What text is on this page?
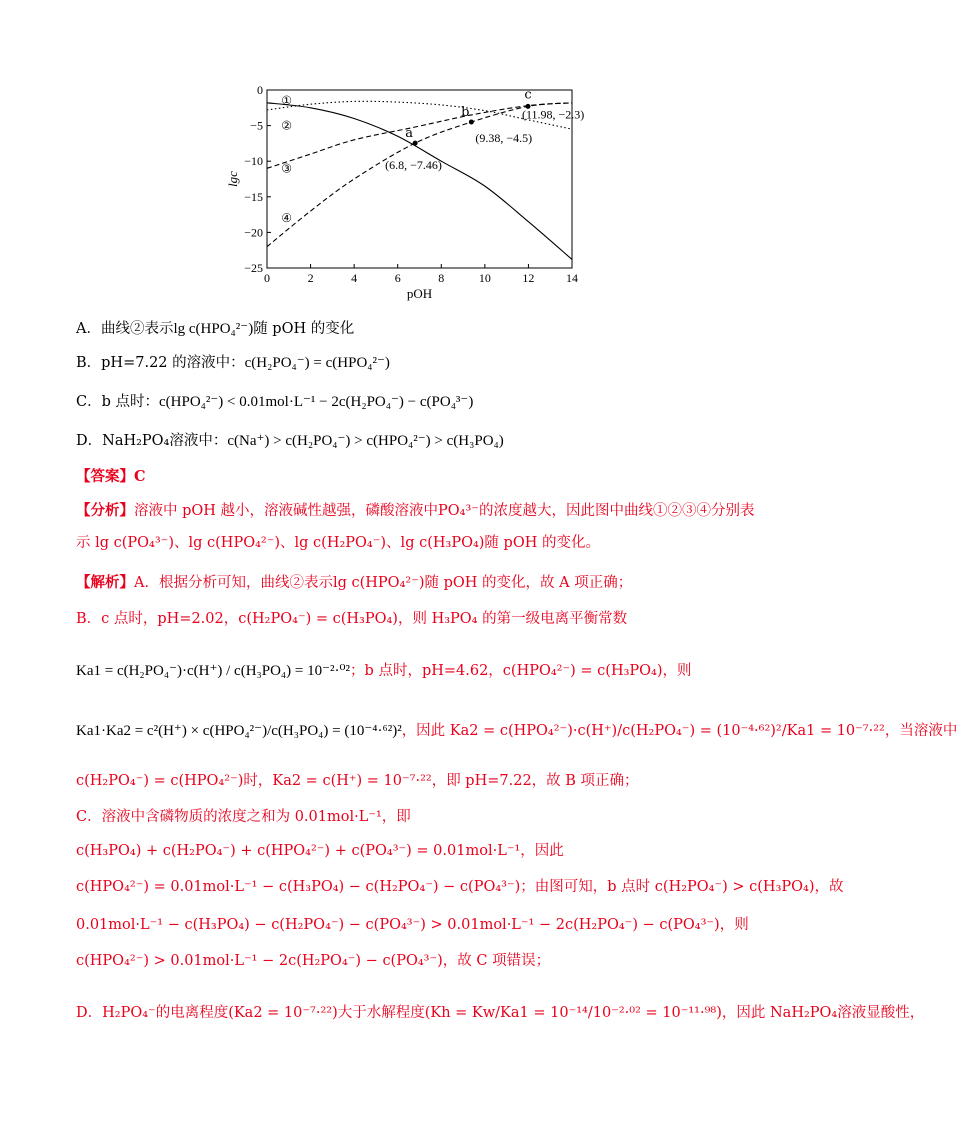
0	2	4	6	8	10	12	14
0
−5
−10
−15
−20
−25
pOH
lgc
①
②
③
④
a
(6.8, −7.46)
b
(9.38, −4.5)
c
(11.98, −2.3)
A．曲线②表示lg c(HPO₄²⁻)随 pOH 的变化
B．pH=7.22 的溶液中：c(H₂PO₄⁻) = c(HPO₄²⁻)
C．b 点时：c(HPO₄²⁻) < 0.01mol·L⁻¹ − 2c(H₂PO₄⁻) − c(PO₄³⁻)
D．NaH₂PO₄溶液中：c(Na⁺) > c(H₂PO₄⁻) > c(HPO₄²⁻) > c(H₃PO₄)
【答案】C
【分析】溶液中 pOH 越小，溶液碱性越强，磷酸溶液中PO₄³⁻的浓度越大，因此图中曲线①②③④分别表
示 lg c(PO₄³⁻)、lg c(HPO₄²⁻)、lg c(H₂PO₄⁻)、lg c(H₃PO₄)随 pOH 的变化。
【解析】A．根据分析可知，曲线②表示lg c(HPO₄²⁻)随 pOH 的变化，故 A 项正确；
B．c 点时，pH=2.02，c(H₂PO₄⁻) = c(H₃PO₄)，则 H₃PO₄ 的第一级电离平衡常数
Ka1 = c(H₂PO₄⁻)·c(H⁺) / c(H₃PO₄) = 10⁻²·⁰²；b 点时，pH=4.62，c(HPO₄²⁻) = c(H₃PO₄)，则
Ka1·Ka2 = c²(H⁺) × c(HPO₄²⁻)/c(H₃PO₄) = (10⁻⁴·⁶²)²，因此 Ka2 = c(HPO₄²⁻)·c(H⁺)/c(H₂PO₄⁻) = (10⁻⁴·⁶²)²/Ka1 = 10⁻⁷·²²，当溶液中
c(H₂PO₄⁻) = c(HPO₄²⁻)时，Ka2 = c(H⁺) = 10⁻⁷·²²，即 pH=7.22，故 B 项正确；
C．溶液中含磷物质的浓度之和为 0.01mol·L⁻¹，即
c(H₃PO₄) + c(H₂PO₄⁻) + c(HPO₄²⁻) + c(PO₄³⁻) = 0.01mol·L⁻¹，因此
c(HPO₄²⁻) = 0.01mol·L⁻¹ − c(H₃PO₄) − c(H₂PO₄⁻) − c(PO₄³⁻)；由图可知，b 点时 c(H₂PO₄⁻) > c(H₃PO₄)，故
0.01mol·L⁻¹ − c(H₃PO₄) − c(H₂PO₄⁻) − c(PO₄³⁻) > 0.01mol·L⁻¹ − 2c(H₂PO₄⁻) − c(PO₄³⁻)，则
c(HPO₄²⁻) > 0.01mol·L⁻¹ − 2c(H₂PO₄⁻) − c(PO₄³⁻)，故 C 项错误；
D．H₂PO₄⁻的电离程度(Ka2 = 10⁻⁷·²²)大于水解程度(Kh = Kw/Ka1 = 10⁻¹⁴/10⁻²·⁰² = 10⁻¹¹·⁹⁸)，因此 NaH₂PO₄溶液显酸性，
